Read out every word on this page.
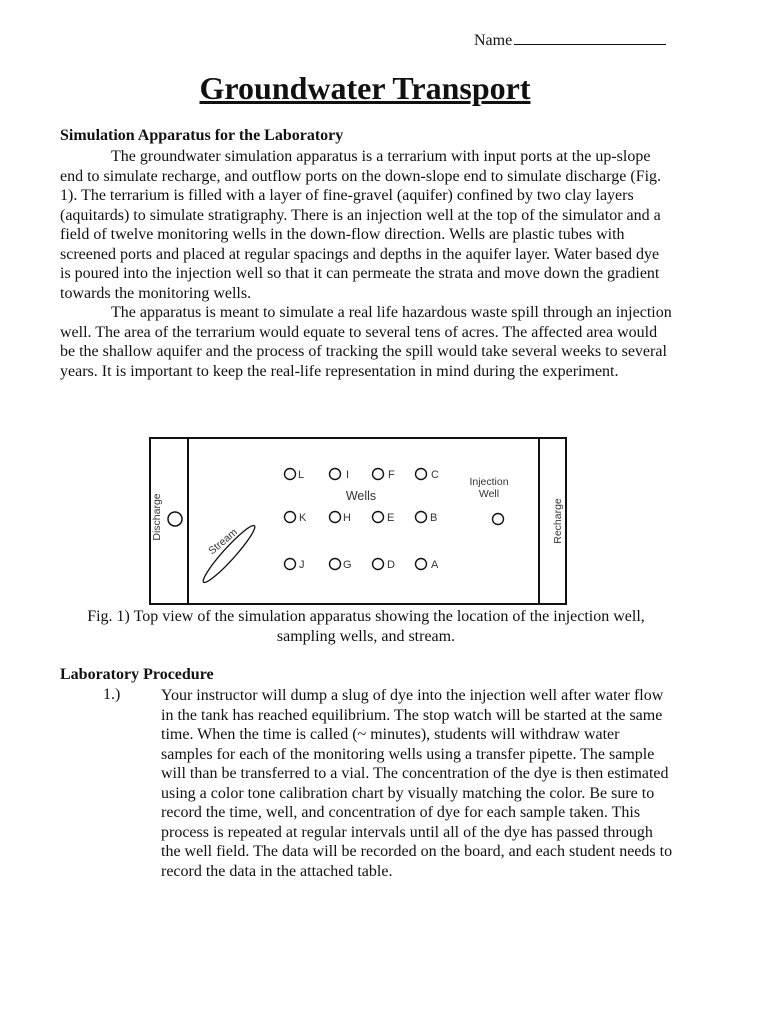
Name
Groundwater Transport
Simulation Apparatus for the Laboratory

The groundwater simulation apparatus is a terrarium with input ports at the up-slope end to simulate recharge, and outflow ports on the down-slope end to simulate discharge (Fig. 1). The terrarium is filled with a layer of fine-gravel (aquifer) confined by two clay layers (aquitards) to simulate stratigraphy. There is an injection well at the top of the simulator and a field of twelve monitoring wells in the down-flow direction. Wells are plastic tubes with screened ports and placed at regular spacings and depths in the aquifer layer. Water based dye is poured into the injection well so that it can permeate the strata and move down the gradient towards the monitoring wells.

The apparatus is meant to simulate a real life hazardous waste spill through an injection well. The area of the terrarium would equate to several tens of acres. The affected area would be the shallow aquifer and the process of tracking the spill would take several weeks to several years. It is important to keep the real-life representation in mind during the experiment.

Discharge	Recharge
Wells
L	I	F	C
K	H	E	B
J	G	D	A
Injection
Well
Stream
Fig. 1) Top view of the simulation apparatus showing the location of the injection well, sampling wells, and stream.
Laboratory Procedure
1.)	Your instructor will dump a slug of dye into the injection well after water flow in the tank has reached equilibrium. The stop watch will be started at the same time. When the time is called (~ minutes), students will withdraw water samples for each of the monitoring wells using a transfer pipette. The sample will than be transferred to a vial. The concentration of the dye is then estimated using a color tone calibration chart by visually matching the color. Be sure to record the time, well, and concentration of dye for each sample taken. This process is repeated at regular intervals until all of the dye has passed through the well field. The data will be recorded on the board, and each student needs to record the data in the attached table.
